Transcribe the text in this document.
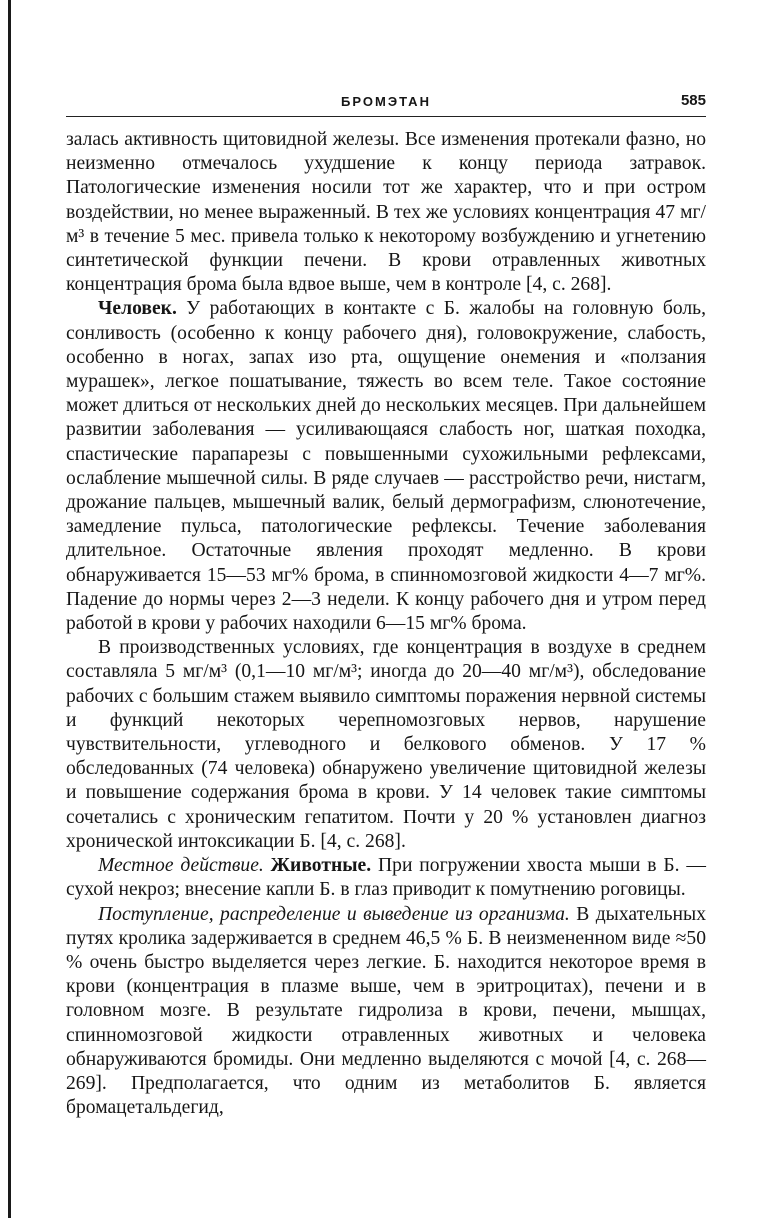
БРОМЭТАН	585

залась активность щитовидной железы. Все изменения протекали фазно, но неизменно отмечалось ухудшение к концу периода затравок. Патологические изменения носили тот же характер, что и при остром воздействии, но менее выраженный. В тех же условиях концентрация 47 мг/м³ в течение 5 мес. привела только к некоторому возбуждению и угнетению синтетической функции печени. В крови отравленных животных концентрация брома была вдвое выше, чем в контроле [4, с. 268].

Человек. У работающих в контакте с Б. жалобы на головную боль, сонливость (особенно к концу рабочего дня), головокружение, слабость, особенно в ногах, запах изо рта, ощущение онемения и «ползания мурашек», легкое пошатывание, тяжесть во всем теле. Такое состояние может длиться от нескольких дней до нескольких месяцев. При дальнейшем развитии заболевания — усиливающаяся слабость ног, шаткая походка, спастические парапарезы с повышенными сухожильными рефлексами, ослабление мышечной силы. В ряде случаев — расстройство речи, нистагм, дрожание пальцев, мышечный валик, белый дермографизм, слюнотечение, замедление пульса, патологические рефлексы. Течение заболевания длительное. Остаточные явления проходят медленно. В крови обнаруживается 15—53 мг% брома, в спинномозговой жидкости 4—7 мг%. Падение до нормы через 2—3 недели. К концу рабочего дня и утром перед работой в крови у рабочих находили 6—15 мг% брома.

В производственных условиях, где концентрация в воздухе в среднем составляла 5 мг/м³ (0,1—10 мг/м³; иногда до 20—40 мг/м³), обследование рабочих с большим стажем выявило симптомы поражения нервной системы и функций некоторых черепномозговых нервов, нарушение чувствительности, углеводного и белкового обменов. У 17 % обследованных (74 человека) обнаружено увеличение щитовидной железы и повышение содержания брома в крови. У 14 человек такие симптомы сочетались с хроническим гепатитом. Почти у 20 % установлен диагноз хронической интоксикации Б. [4, с. 268].

Местное действие. Животные. При погружении хвоста мыши в Б. — сухой некроз; внесение капли Б. в глаз приводит к помутнению роговицы.

Поступление, распределение и выведение из организма. В дыхательных путях кролика задерживается в среднем 46,5 % Б. В неизмененном виде ≈50 % очень быстро выделяется через легкие. Б. находится некоторое время в крови (концентрация в плазме выше, чем в эритроцитах), печени и в головном мозге. В результате гидролиза в крови, печени, мышцах, спинномозговой жидкости отравленных животных и человека обнаруживаются бромиды. Они медленно выделяются с мочой [4, с. 268—269]. Предполагается, что одним из метаболитов Б. является бромацетальдегид,
